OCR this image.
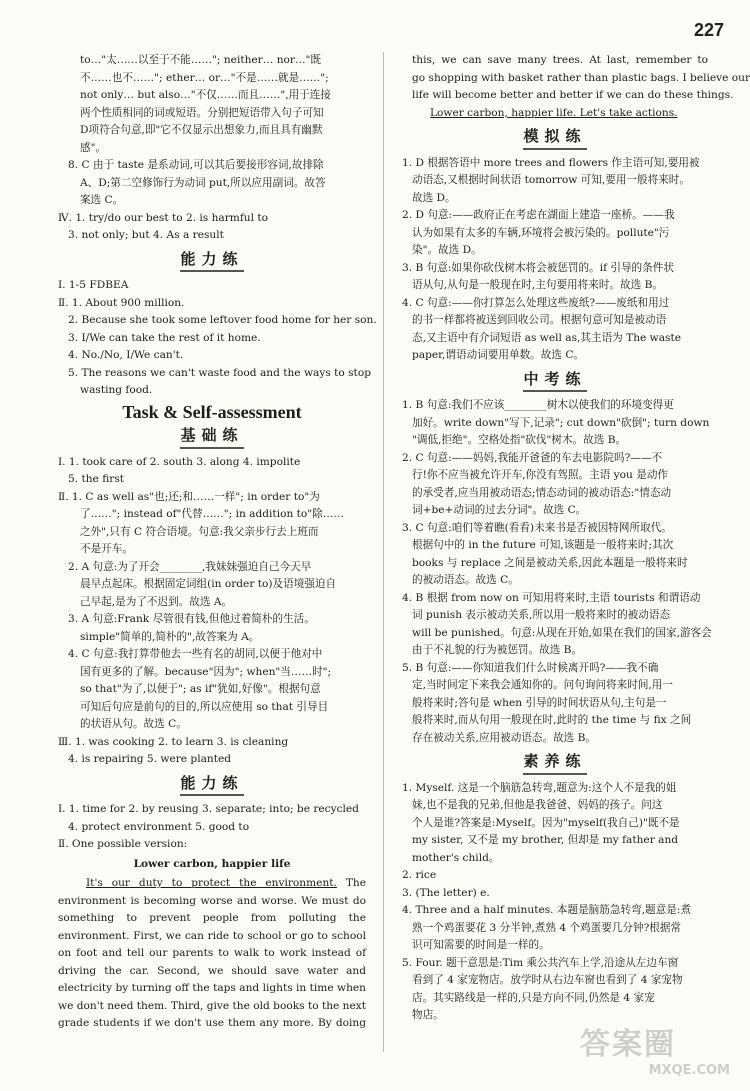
227
to…"太……以至于不能……"; neither… nor…"既
不……也不……"; ether… or…"不是……就是……";
not only… but also…"不仅……而且……",用于连接
两个性质相同的词或短语。分别把短语带入句子可知
D项符合句意,即"它不仅显示出想象力,而且具有幽默
感"。
8. C 由于 taste 是系动词,可以其后要接形容词,故排除
A、D;第二空修饰行为动词 put,所以应用副词。故答
案选 C。
Ⅳ. 1. try/do our best to 2. is harmful to
3. not only; but 4. As a result
能力练
Ⅰ. 1-5 FDBEA
Ⅱ. 1. About 900 million.
2. Because she took some leftover food home for her son.
3. I/We can take the rest of it home.
4. No./No, I/We can't.
5. The reasons we can't waste food and the ways to stop
wasting food.
Task & Self-assessment
基础练
Ⅰ. 1. took care of 2. south 3. along 4. impolite
5. the first
Ⅱ. 1. C as well as"也;还;和……一样"; in order to"为
了……"; instead of"代替……"; in addition to"除……
之外",只有 C 符合语境。句意:我父亲步行去上班而
不是开车。
2. A 句意:为了开会________,我妹妹强迫自己今天早
晨早点起床。根据固定词组(in order to)及语境强迫自
己早起,是为了不迟到。故选 A。
3. A 句意:Frank 尽管很有钱,但他过着简朴的生活。
simple"简单的,简朴的",故答案为 A。
4. C 句意:我打算带他去一些有名的胡同,以便于他对中
国有更多的了解。because"因为"; when"当……时";
so that"为了,以便于"; as if"犹如,好像"。根据句意
可知后句应是前句的目的,所以应使用 so that 引导目
的状语从句。故选 C。
Ⅲ. 1. was cooking 2. to learn 3. is cleaning
4. is repairing 5. were planted
能力练
Ⅰ. 1. time for 2. by reusing 3. separate; into; be recycled
4. protect environment 5. good to
Ⅱ. One possible version:
Lower carbon, happier life
It's our duty to protect the environment. The
environment is becoming worse and worse. We must do
something to prevent people from polluting the
environment. First, we can ride to school or go to school
on foot and tell our parents to walk to work instead of
driving the car. Second, we should save water and
electricity by turning off the taps and lights in time when
we don't need them. Third, give the old books to the next
grade students if we don't use them any more. By doing
this, we can save many trees. At last, remember to
go shopping with basket rather than plastic bags. I believe our
life will become better and better if we can do these things.
Lower carbon, happier life. Let's take actions.
模拟练
1. D 根据答语中 more trees and flowers 作主语可知,要用被
动语态,又根据时间状语 tomorrow 可知,要用一般将来时。
故选 D。
2. D 句意:——政府正在考虑在湖面上建造一座桥。——我
认为如果有太多的车辆,环境将会被污染的。pollute"污
染"。故选 D。
3. B 句意:如果你砍伐树木将会被惩罚的。if 引导的条件状
语从句,从句是一般现在时,主句要用将来时。故选 B。
4. C 句意:——你打算怎么处理这些废纸?——废纸和用过
的书一样都将被送到回收公司。根据句意可知是被动语
态,又主语中有介词短语 as well as,其主语为 The waste
paper,谓语动词要用单数。故选 C。
中考练
1. B 句意:我们不应该________树木以使我们的环境变得更
加好。write down"写下,记录"; cut down"砍倒"; turn down
"调低,拒绝"。空格处指"砍伐"树木。故选 B。
2. C 句意:——妈妈,我能开爸爸的车去电影院吗?——不
行!你不应当被允许开车,你没有驾照。主语 you 是动作
的承受者,应当用被动语态;情态动词的被动语态:"情态动
词+be+动词的过去分词"。故选 C。
3. C 句意:咱们等着瞧(看看)未来书是否被因特网所取代。
根据句中的 in the future 可知,该题是一般将来时;其次
books 与 replace 之间是被动关系,因此本题是一般将来时
的被动语态。故选 C。
4. B 根据 from now on 可知用将来时,主语 tourists 和谓语动
词 punish 表示被动关系,所以用一般将来时的被动语态
will be punished。句意:从现在开始,如果在我们的国家,游客会
由于不礼貌的行为被惩罚。故选 B。
5. B 句意:——你知道我们什么时候离开吗?——我不确
定,当时间定下来我会通知你的。问句询问将来时间,用一
般将来时;答句是 when 引导的时间状语从句,主句是一
般将来时,而从句用一般现在时,此时的 the time 与 fix 之间
存在被动关系,应用被动语态。故选 B。
素养练
1. Myself. 这是一个脑筋急转弯,题意为:这个人不是我的姐
妹,也不是我的兄弟,但他是我爸爸、妈妈的孩子。问这
个人是谁?答案是:Myself。因为"myself(我自己)"既不是
my sister, 又不是 my brother, 但却是 my father and
mother's child。
2. rice
3. (The letter) e.
4. Three and a half minutes. 本题是脑筋急转弯,题意是:煮
熟一个鸡蛋要花 3 分半钟,煮熟 4 个鸡蛋要几分钟?根据常
识可知需要的时间是一样的。
5. Four. 题干意思是:Tim 乘公共汽车上学,沿途从左边车窗
看到了 4 家宠物店。放学时从右边车窗也看到了 4 家宠物
店。其实路线是一样的,只是方向不同,仍然是 4 家宠
物店。
答案圈
MXQE.COM
